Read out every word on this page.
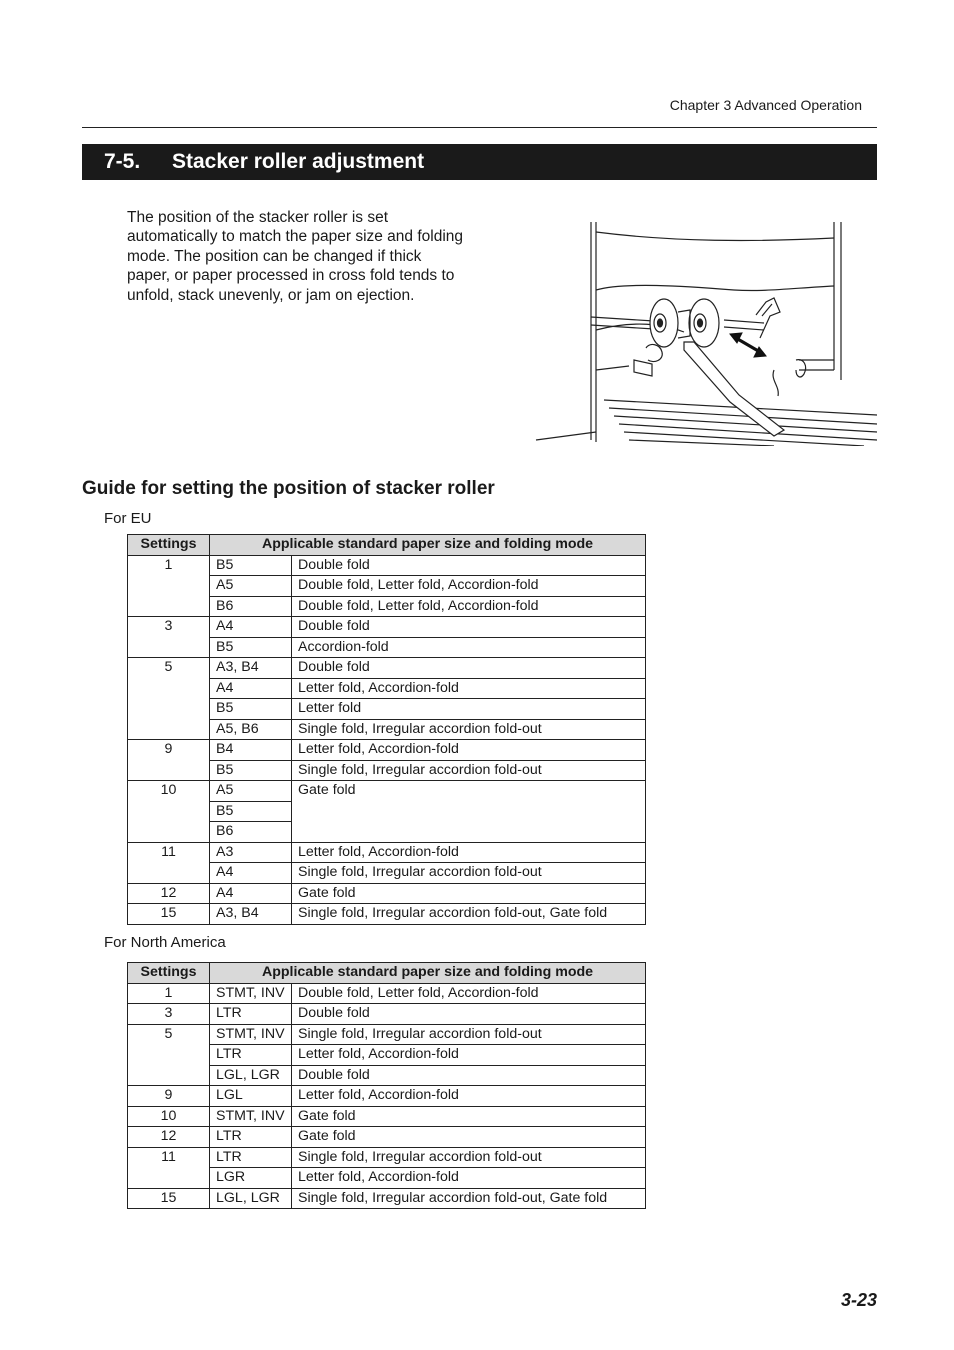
Chapter 3 Advanced Operation
7-5. Stacker roller adjustment

The position of the stacker roller is set automatically to match the paper size and folding mode. The position can be changed if thick paper, or paper processed in cross fold tends to unfold, stack unevenly, or jam on ejection.

Guide for setting the position of stacker roller
For EU
Settings	Applicable standard paper size and folding mode	
1	B5	Double fold
	A5	Double fold, Letter fold, Accordion-fold
	B6	Double fold, Letter fold, Accordion-fold
3	A4	Double fold
	B5	Accordion-fold
5	A3, B4	Double fold
	A4	Letter fold, Accordion-fold
	B5	Letter fold
	A5, B6	Single fold, Irregular accordion fold-out
9	B4	Letter fold, Accordion-fold
	B5	Single fold, Irregular accordion fold-out
10	A5	Gate fold
	B5	
	B6	
11	A3	Letter fold, Accordion-fold
	A4	Single fold, Irregular accordion fold-out
12	A4	Gate fold
15	A3, B4	Single fold, Irregular accordion fold-out, Gate fold
For North America
Settings	Applicable standard paper size and folding mode	
1	STMT, INV	Double fold, Letter fold, Accordion-fold
3	LTR	Double fold
5	STMT, INV	Single fold, Irregular accordion fold-out
	LTR	Letter fold, Accordion-fold
	LGL, LGR	Double fold
9	LGL	Letter fold, Accordion-fold
10	STMT, INV	Gate fold
12	LTR	Gate fold
11	LTR	Single fold, Irregular accordion fold-out
	LGR	Letter fold, Accordion-fold
15	LGL, LGR	Single fold, Irregular accordion fold-out, Gate fold
3-23
